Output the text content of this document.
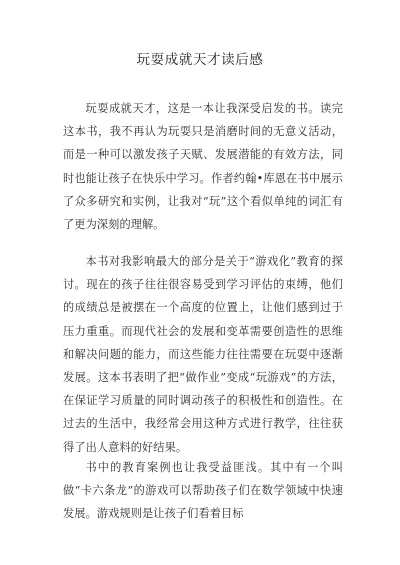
玩耍成就天才读后感

玩耍成就天才，这是一本让我深受启发的书。读完这本书，我不再认为玩耍只是消磨时间的无意义活动，而是一种可以激发孩子天赋、发展潜能的有效方法，同时也能让孩子在快乐中学习。作者约翰•库恩在书中展示了众多研究和实例，让我对“玩”这个看似单纯的词汇有了更为深刻的理解。

本书对我影响最大的部分是关于“游戏化”教育的探讨。现在的孩子往往很容易受到学习评估的束缚，他们的成绩总是被摆在一个高度的位置上，让他们感到过于压力重重。而现代社会的发展和变革需要创造性的思维和解决问题的能力，而这些能力往往需要在玩耍中逐渐发展。这本书表明了把“做作业”变成“玩游戏”的方法，在保证学习质量的同时调动孩子的积极性和创造性。在过去的生活中，我经常会用这种方式进行教学，往往获得了出人意料的好结果。

书中的教育案例也让我受益匪浅。其中有一个叫做“卡六条龙”的游戏可以帮助孩子们在数学领域中快速发展。游戏规则是让孩子们看着目标
